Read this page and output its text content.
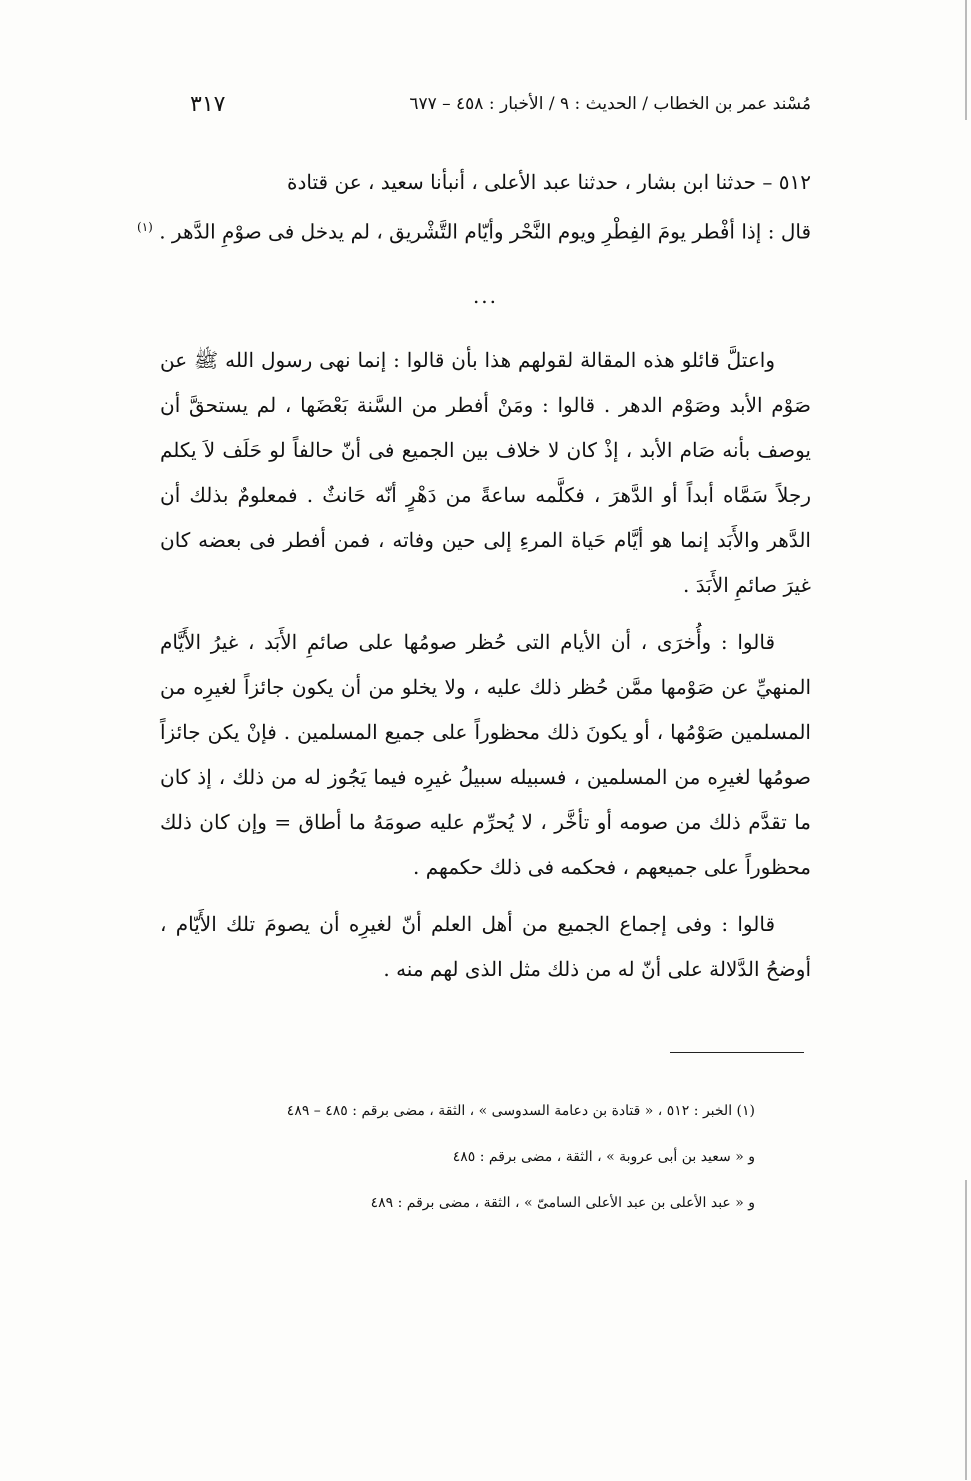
مُسْند عمر بن الخطاب / الحديث : ٩ / الأخبار : ٤٥٨ – ٦٧٧
٣١٧
٥١٢ – حدثنا ابن بشار ، حدثنا عبد الأعلى ، أنبأنا سعيد ، عن قتادة
قال : إذا أفْطر يومَ الفِطْرِ ويوم النَّحْر وأيّام التَّشْريق ، لم يدخل فى صوْمِ الدَّهر . $^{(١)}$
...

واعتلَّ قائلو هذه المقالة لقولهم هذا بأن قالوا : إنما نهى رسول الله ﷺ عن صَوْم الأبد وصَوْم الدهر . قالوا : ومَنْ أفطر من السَّنة بَعْضَها ، لم يستحقَّ أن يوصف بأنه صَام الأبد ، إذْ كان لا خلاف بين الجميع فى أنّ حالفاً لو حَلَف لاَ يكلم رجلاً سَمَّاه أبداً أو الدَّهرَ ، فكلَّمه ساعةً من دَهْرٍ أنّه حَانثٌ . فمعلومٌ بذلك أن الدَّهر والأَبَد إنما هو أيَّام حَياة المرءِ إلى حين وفاته ، فمن أفطر فى بعضه كان غيرَ صائمِ الأَبَدَ .

قالوا : وأُخرَى ، أن الأيام التى حُظر صومُها على صائمِ الأَبَد ، غيرُ الأَيَّام المنهيِّ عن صَوْمها ممَّن حُظر ذلك عليه ، ولا يخلو من أن يكون جائزاً لغيرِه من المسلمين صَوْمُها ، أو يكونَ ذلك محظوراً على جميع المسلمين . فإنْ يكن جائزاً صومُها لغيرِه من المسلمين ، فسبيله سبيلُ غيرِه فيما يَجُوز له من ذلك ، إذ كان ما تقدَّم ذلك من صومه أو تأخَّر ، لا يُحرِّم عليه صومَهُ ما أطاق = وإن كان ذلك محظوراً على جميعهم ، فحكمه فى ذلك حكمهم .

قالوا : وفى إجماع الجميع من أهل العلم أنّ لغيرِه أن يصومَ تلك الأَيّام ، أوضحُ الدَّلالة على أنّ له من ذلك مثل الذى لهم منه .

(١) الخبر : ٥١٢ ، « قتادة بن دعامة السدوسى » ، الثقة ، مضى برقم : ٤٨٥ – ٤٨٩
و « سعيد بن أبى عروبة » ، الثقة ، مضى برقم : ٤٨٥
و « عبد الأعلى بن عبد الأعلى السامىّ » ، الثقة ، مضى برقم : ٤٨٩
